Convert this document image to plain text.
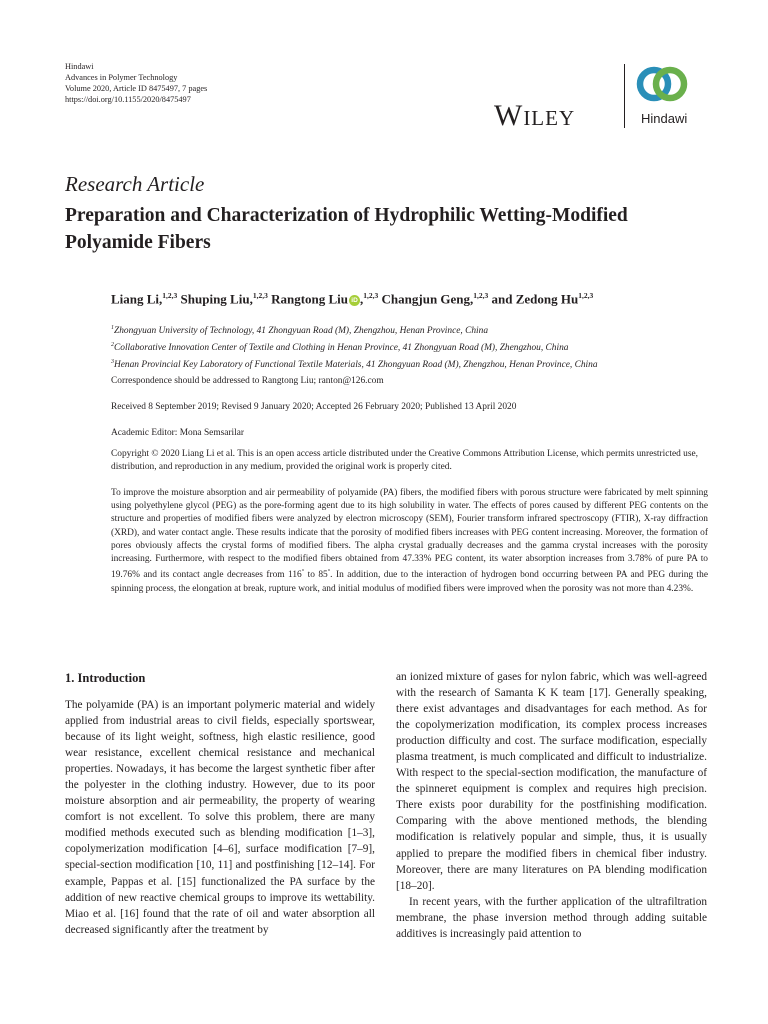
Hindawi
Advances in Polymer Technology
Volume 2020, Article ID 8475497, 7 pages
https://doi.org/10.1155/2020/8475497	Wiley	Hindawi
Research Article
Preparation and Characterization of Hydrophilic Wetting-Modified Polyamide Fibers
Liang Li,$^{1,2,3}$ Shuping Liu,$^{1,2,3}$ Rangtong Liu iD ,$^{1,2,3}$ Changjun Geng,$^{1,2,3}$ and Zedong Hu$^{1,2,3}$
$^1$Zhongyuan University of Technology, 41 Zhongyuan Road (M), Zhengzhou, Henan Province, China
$^2$Collaborative Innovation Center of Textile and Clothing in Henan Province, 41 Zhongyuan Road (M), Zhengzhou, China
$^3$Henan Provincial Key Laboratory of Functional Textile Materials, 41 Zhongyuan Road (M), Zhengzhou, Henan Province, China
Correspondence should be addressed to Rangtong Liu; ranton@126.com
Received 8 September 2019; Revised 9 January 2020; Accepted 26 February 2020; Published 13 April 2020
Academic Editor: Mona Semsarilar
Copyright © 2020 Liang Li et al. This is an open access article distributed under the Creative Commons Attribution License, which permits unrestricted use, distribution, and reproduction in any medium, provided the original work is properly cited.
To improve the moisture absorption and air permeability of polyamide (PA) fibers, the modified fibers with porous structure were fabricated by melt spinning using polyethylene glycol (PEG) as the pore-forming agent due to its high solubility in water. The effects of pores caused by different PEG contents on the structure and properties of modified fibers were analyzed by electron microscopy (SEM), Fourier transform infrared spectroscopy (FTIR), X-ray diffraction (XRD), and water contact angle. These results indicate that the porosity of modified fibers increases with PEG content increasing. Moreover, the formation of pores obviously affects the crystal forms of modified fibers. The alpha crystal gradually decreases and the gamma crystal increases with the porosity increasing. Furthermore, with respect to the modified fibers obtained from 47.33% PEG content, its water absorption increases from 3.78% of pure PA to 19.76% and its contact angle decreases from 116° to 85°. In addition, due to the interaction of hydrogen bond occurring between PA and PEG during the spinning process, the elongation at break, rupture work, and initial modulus of modified fibers were improved when the porosity was not more than 4.23%.
1. Introduction

The polyamide (PA) is an important polymeric material and widely applied from industrial areas to civil fields, especially sportswear, because of its light weight, softness, high elastic resilience, good wear resistance, excellent chemical resistance and mechanical properties. Nowadays, it has become the largest synthetic fiber after the polyester in the clothing industry. However, due to its poor moisture absorption and air permeability, the property of wearing comfort is not excellent. To solve this problem, there are many modified methods executed such as blending modification [1–3], copolymerization modification [4–6], surface modification [7–9], special-section modification [10, 11] and postfinishing [12–14]. For example, Pappas et al. [15] functionalized the PA surface by the addition of new reactive chemical groups to improve its wettability. Miao et al. [16] found that the rate of oil and water absorption all decreased significantly after the treatment by

an ionized mixture of gases for nylon fabric, which was well-agreed with the research of Samanta K K team [17]. Generally speaking, there exist advantages and disadvantages for each method. As for the copolymerization modification, its complex process increases production difficulty and cost. The surface modification, especially plasma treatment, is much complicated and difficult to industrialize. With respect to the special-section modification, the manufacture of the spinneret equipment is complex and requires high precision. There exists poor durability for the postfinishing modification. Comparing with the above mentioned methods, the blending modification is relatively popular and simple, thus, it is usually applied to prepare the modified fibers in chemical fiber industry. Moreover, there are many literatures on PA blending modification [18–20].

In recent years, with the further application of the ultrafiltration membrane, the phase inversion method through adding suitable additives is increasingly paid attention to
